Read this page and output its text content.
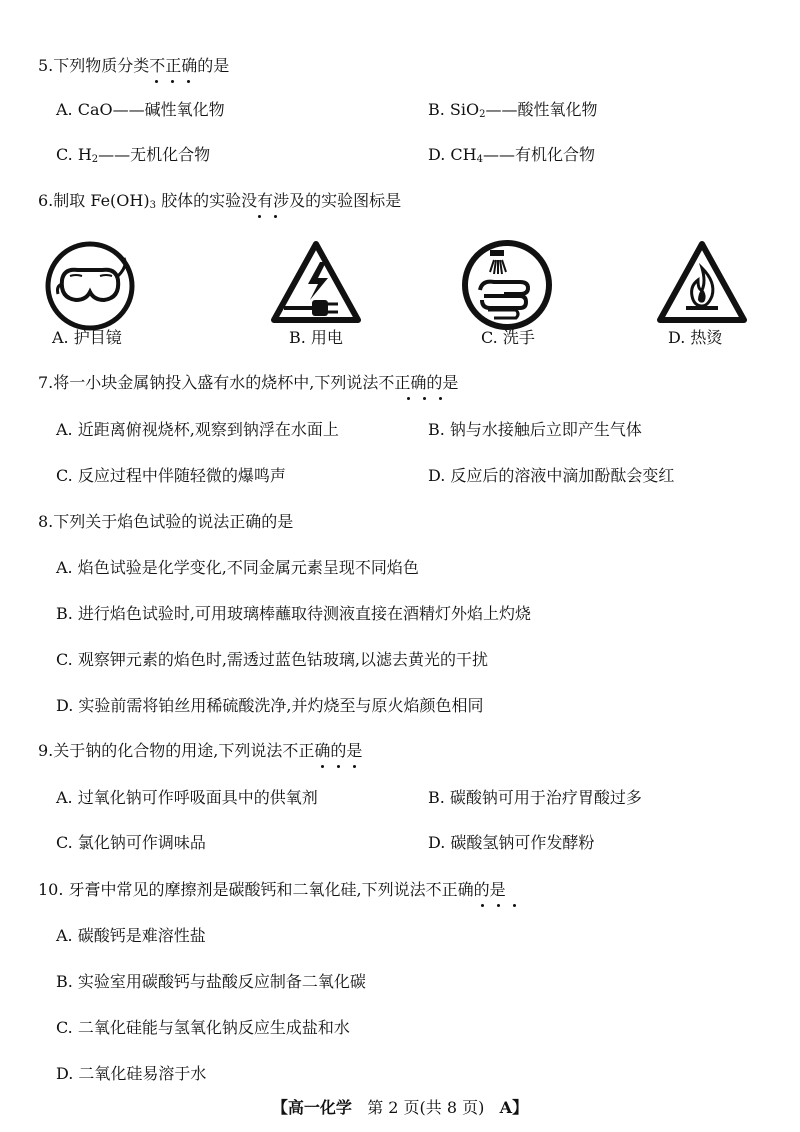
5.下列物质分类不正确的是
A. CaO——碱性氧化物	B. SiO$_2$——酸性氧化物
C. $H_2——$无机化合物	D. $CH_4——$有机化合物
6.制取 $Fe(OH)_3$ 胶体的实验没有涉及的实验图标是
A. 护目镜	B. 用电	C. 洗手	D. 热烫
7.将一小块金属钠投入盛有水的烧杯中,下列说法不正确的是
A. 近距离俯视烧杯,观察到钠浮在水面上	B. 钠与水接触后立即产生气体
C. 反应过程中伴随轻微的爆鸣声	D. 反应后的溶液中滴加酚酞会变红
8.下列关于焰色试验的说法正确的是
A. 焰色试验是化学变化,不同金属元素呈现不同焰色
B. 进行焰色试验时,可用玻璃棒蘸取待测液直接在酒精灯外焰上灼烧
C. 观察钾元素的焰色时,需透过蓝色钴玻璃,以滤去黄光的干扰
D. 实验前需将铂丝用稀硫酸洗净,并灼烧至与原火焰颜色相同
9.关于钠的化合物的用途,下列说法不正确的是
A. 过氧化钠可作呼吸面具中的供氧剂	B. 碳酸钠可用于治疗胃酸过多
C. 氯化钠可作调味品	D. 碳酸氢钠可作发酵粉
10. 牙膏中常见的摩擦剂是碳酸钙和二氧化硅,下列说法不正确的是
A. 碳酸钙是难溶性盐
B. 实验室用碳酸钙与盐酸反应制备二氧化碳
C. 二氧化硅能与氢氧化钠反应生成盐和水
D. 二氧化硅易溶于水
【高一化学 第 2 页(共 8 页) A】
